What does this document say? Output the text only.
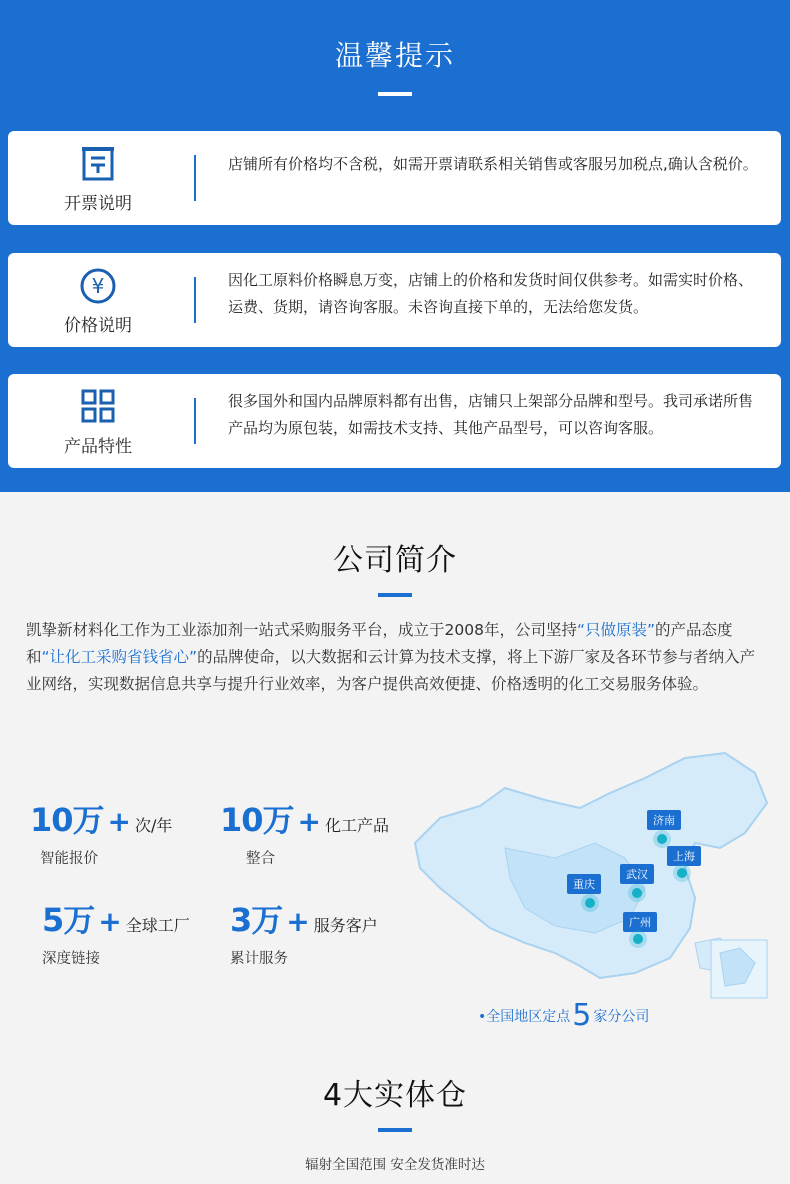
温馨提示
开票说明
店铺所有价格均不含税，如需开票请联系相关销售或客服另加税点,确认含税价。
¥
价格说明
因化工原料价格瞬息万变，店铺上的价格和发货时间仅供参考。如需实时价格、运费、货期，请咨询客服。未咨询直接下单的，无法给您发货。
产品特性
很多国外和国内品牌原料都有出售，店铺只上架部分品牌和型号。我司承诺所售产品均为原包装，如需技术支持、其他产品型号，可以咨询客服。
公司简介
凯挚新材料化工作为工业添加剂一站式采购服务平台，成立于2008年，公司坚持“只做原装”的产品态度和“让化工采购省钱省心”的品牌使命，以大数据和云计算为技术支撑，将上下游厂家及各环节参与者纳入产业网络，实现数据信息共享与提升行业效率，为客户提供高效便捷、价格透明的化工交易服务体验。
10万 + 次/年
智能报价
10万 + 化工产品
整合
5万 + 全球工厂
深度链接
3万 + 服务客户
累计服务
济南
上海
武汉
重庆
广州
•全国地区定点5 家分公司
4大实体仓
辐射全国范围 安全发货准时达
